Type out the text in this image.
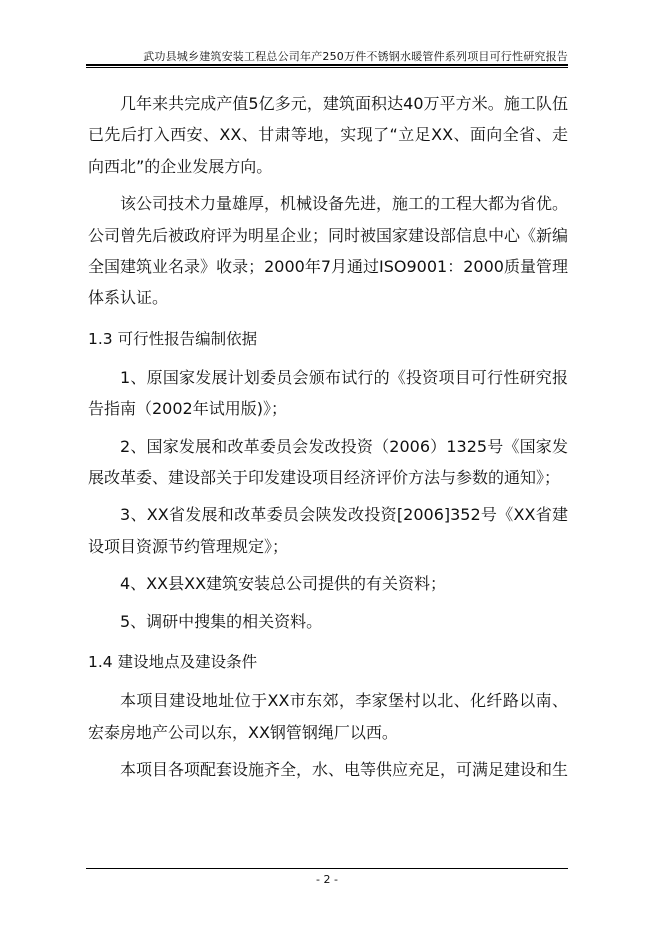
武功县城乡建筑安装工程总公司年产250万件不锈钢水暖管件系列项目可行性研究报告

几年来共完成产值5亿多元，建筑面积达40万平方米。施工队伍已先后打入西安、XX、甘肃等地，实现了“立足XX、面向全省、走向西北”的企业发展方向。

该公司技术力量雄厚，机械设备先进，施工的工程大都为省优。公司曾先后被政府评为明星企业；同时被国家建设部信息中心《新编全国建筑业名录》收录；2000年7月通过ISO9001：2000质量管理体系认证。

1.3 可行性报告编制依据

1、原国家发展计划委员会颁布试行的《投资项目可行性研究报告指南（2002年试用版)》；

2、国家发展和改革委员会发改投资（2006）1325号《国家发展改革委、建设部关于印发建设项目经济评价方法与参数的通知》；

3、XX省发展和改革委员会陕发改投资[2006]352号《XX省建设项目资源节约管理规定》；

4、XX县XX建筑安装总公司提供的有关资料；

5、调研中搜集的相关资料。

1.4 建设地点及建设条件

本项目建设地址位于XX市东郊，李家堡村以北、化纤路以南、宏泰房地产公司以东，XX钢管钢绳厂以西。

本项目各项配套设施齐全，水、电等供应充足，可满足建设和生

- 2 -
